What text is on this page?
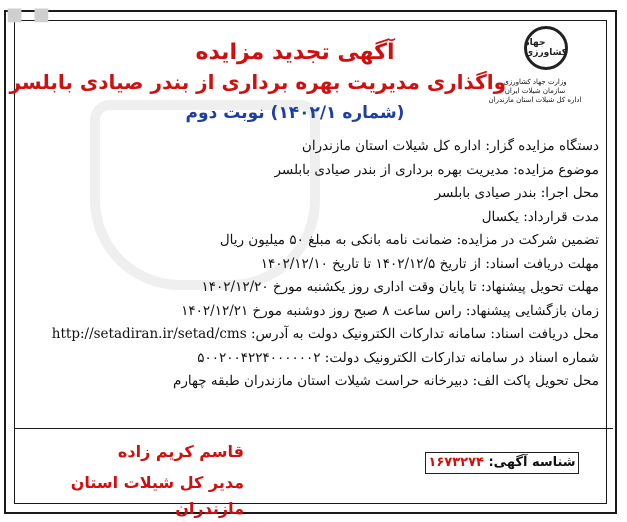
■ ■
جهاد کشاورزی
وزارت جهاد کشاورزی
سازمان شیلات ایران
اداره کل شیلات استان مازندران
آگهی تجدید مزایده
واگذاری مدیریت بهره برداری از بندر صیادی بابلسر
(شماره ۱۴۰۲/۱) نوبت دوم
دستگاه مزایده گزار: اداره کل شیلات استان مازندران
موضوع مزایده: مدیریت بهره برداری از بندر صیادی بابلسر
محل اجرا: بندر صیادی بابلسر
مدت قرارداد: یکسال
تضمین شرکت در مزایده: ضمانت نامه بانکی به مبلغ ۵۰ میلیون ریال
مهلت دریافت اسناد: از تاریخ ۱۴۰۲/۱۲/۵ تا تاریخ ۱۴۰۲/۱۲/۱۰
مهلت تحویل پیشنهاد: تا پایان وقت اداری روز یکشنبه مورخ ۱۴۰۲/۱۲/۲۰
زمان بازگشایی پیشنهاد: راس ساعت ۸ صبح روز دوشنبه مورخ ۱۴۰۲/۱۲/۲۱
محل دریافت اسناد: سامانه تدارکات الکترونیک دولت به آدرس: http://setadiran.ir/setad/cms
شماره اسناد در سامانه تدارکات الکترونیک دولت: ۵۰۰۲۰۰۴۲۲۴۰۰۰۰۰۰۲
محل تحویل پاکت الف: دبیرخانه حراست شیلات استان مازندران طبقه چهارم
شناسه آگهی: ۱۶۷۳۲۷۴
قاسم کریم زاده
مدیر کل شیلات استان مازندران
